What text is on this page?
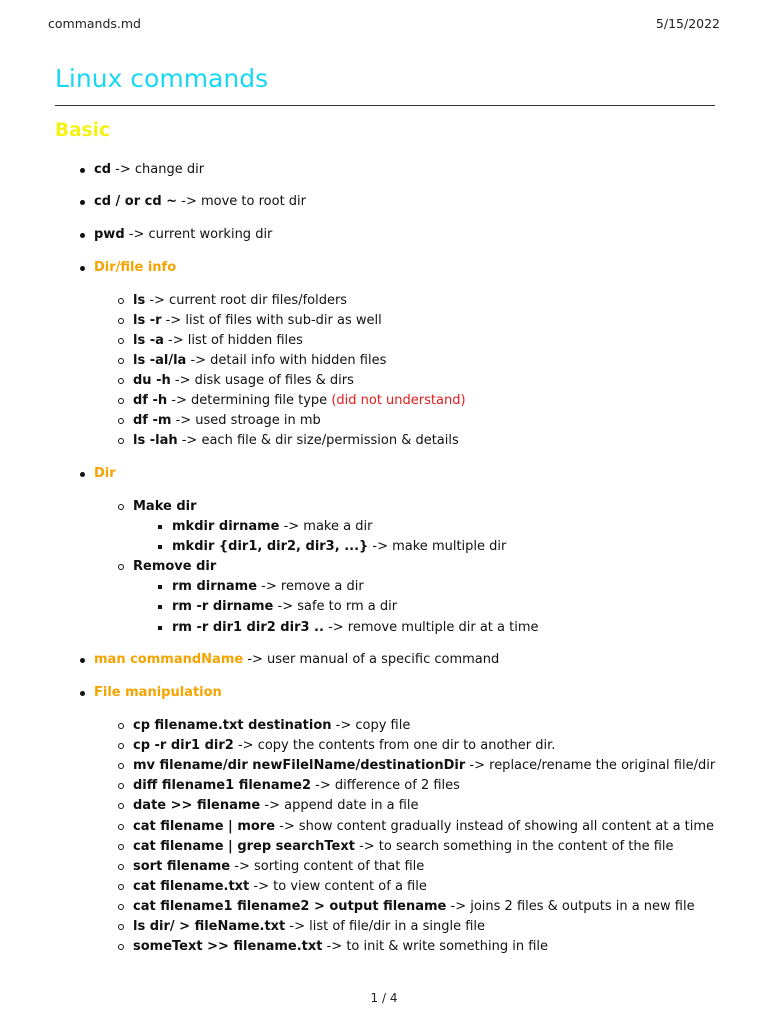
commands.md	5/15/2022
Linux commands
Basic
cd -> change dir
cd / or cd ~ -> move to root dir
pwd -> current working dir
Dir/file info
ls -> current root dir files/folders
ls -r -> list of files with sub-dir as well
ls -a -> list of hidden files
ls -al/la -> detail info with hidden files
du -h -> disk usage of files & dirs
df -h -> determining file type (did not understand)
df -m -> used stroage in mb
ls -lah -> each file & dir size/permission & details
Dir
Make dir
mkdir dirname -> make a dir
mkdir {dir1, dir2, dir3, ...} -> make multiple dir
Remove dir
rm dirname -> remove a dir
rm -r dirname -> safe to rm a dir
rm -r dir1 dir2 dir3 .. -> remove multiple dir at a time
man commandName -> user manual of a specific command
File manipulation
cp filename.txt destination -> copy file
cp -r dir1 dir2 -> copy the contents from one dir to another dir.
mv filename/dir newFilelName/destinationDir -> replace/rename the original file/dir
diff filename1 filename2 -> difference of 2 files
date >> filename -> append date in a file
cat filename | more -> show content gradually instead of showing all content at a time
cat filename | grep searchText -> to search something in the content of the file
sort filename -> sorting content of that file
cat filename.txt -> to view content of a file
cat filename1 filename2 > output filename -> joins 2 files & outputs in a new file
ls dir/ > fileName.txt -> list of file/dir in a single file
someText >> filename.txt -> to init & write something in file
1 / 4
